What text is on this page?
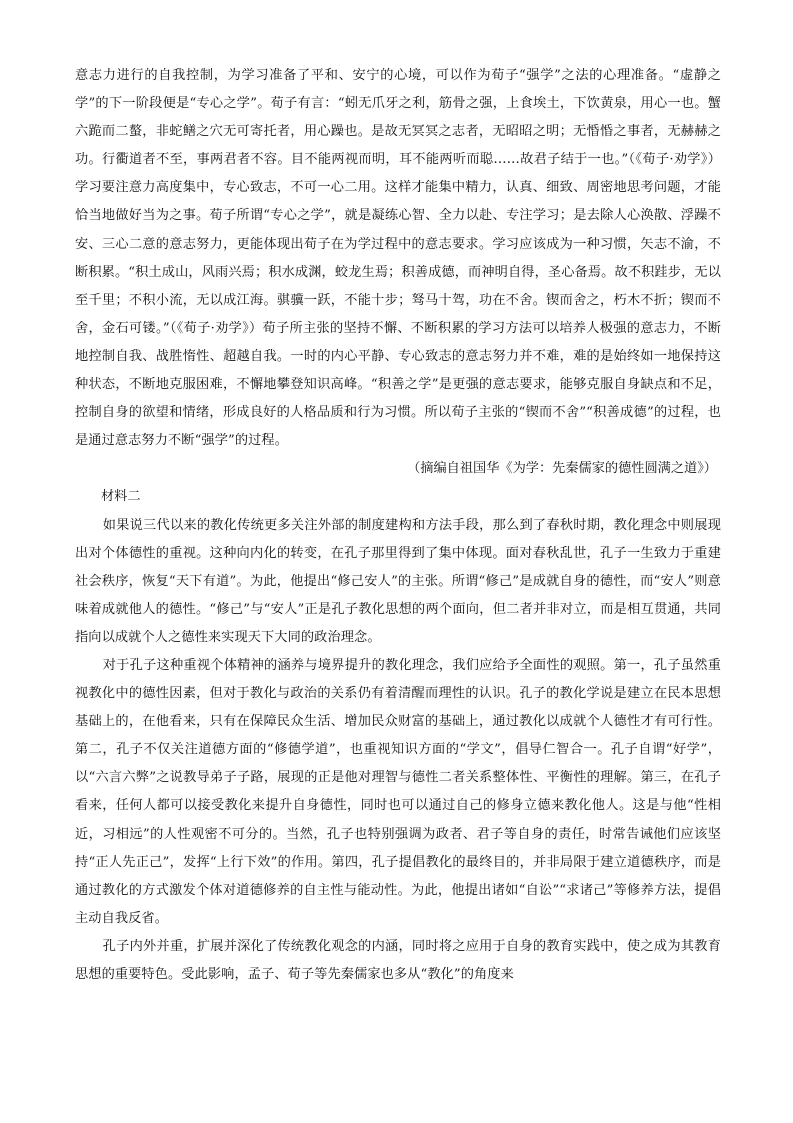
意志力进行的自我控制，为学习准备了平和、安宁的心境，可以作为荀子“强学”之法的心理准备。“虚静之学”的下一阶段便是“专心之学”。荀子有言：“蚓无爪牙之利，筋骨之强，上食埃土，下饮黄泉，用心一也。蟹六跪而二螯，非蛇鳝之穴无可寄托者，用心躁也。是故无冥冥之志者，无昭昭之明；无惛惛之事者，无赫赫之功。行衢道者不至，事两君者不容。目不能两视而明，耳不能两听而聪……故君子结于一也。”（《荀子·劝学》）学习要注意力高度集中，专心致志，不可一心二用。这样才能集中精力，认真、细致、周密地思考问题，才能恰当地做好当为之事。荀子所谓“专心之学”，就是凝练心智、全力以赴、专注学习；是去除人心涣散、浮躁不安、三心二意的意志努力，更能体现出荀子在为学过程中的意志要求。学习应该成为一种习惯，矢志不渝，不断积累。“积土成山，风雨兴焉；积水成渊，蛟龙生焉；积善成德，而神明自得，圣心备焉。故不积跬步，无以至千里；不积小流，无以成江海。骐骥一跃，不能十步；驽马十驾，功在不舍。锲而舍之，朽木不折；锲而不舍，金石可镂。”（《荀子·劝学》）荀子所主张的坚持不懈、不断积累的学习方法可以培养人极强的意志力，不断地控制自我、战胜惰性、超越自我。一时的内心平静、专心致志的意志努力并不难，难的是始终如一地保持这种状态，不断地克服困难，不懈地攀登知识高峰。“积善之学”是更强的意志要求，能够克服自身缺点和不足，控制自身的欲望和情绪，形成良好的人格品质和行为习惯。所以荀子主张的“锲而不舍”“积善成德”的过程，也是通过意志努力不断“强学”的过程。

（摘编自祖国华《为学：先秦儒家的德性圆满之道》）

材料二

如果说三代以来的教化传统更多关注外部的制度建构和方法手段，那么到了春秋时期，教化理念中则展现出对个体德性的重视。这种向内化的转变，在孔子那里得到了集中体现。面对春秋乱世，孔子一生致力于重建社会秩序，恢复“天下有道”。为此，他提出“修己安人”的主张。所谓“修己”是成就自身的德性，而“安人”则意味着成就他人的德性。“修己”与“安人”正是孔子教化思想的两个面向，但二者并非对立，而是相互贯通，共同指向以成就个人之德性来实现天下大同的政治理念。

对于孔子这种重视个体精神的涵养与境界提升的教化理念，我们应给予全面性的观照。第一，孔子虽然重视教化中的德性因素，但对于教化与政治的关系仍有着清醒而理性的认识。孔子的教化学说是建立在民本思想基础上的，在他看来，只有在保障民众生活、增加民众财富的基础上，通过教化以成就个人德性才有可行性。第二，孔子不仅关注道德方面的“修德学道”，也重视知识方面的“学文”，倡导仁智合一。孔子自谓“好学”，以“六言六弊”之说教导弟子子路，展现的正是他对理智与德性二者关系整体性、平衡性的理解。第三，在孔子看来，任何人都可以接受教化来提升自身德性，同时也可以通过自己的修身立德来教化他人。这是与他“性相近，习相远”的人性观密不可分的。当然，孔子也特别强调为政者、君子等自身的责任，时常告诫他们应该坚持“正人先正己”，发挥“上行下效”的作用。第四，孔子提倡教化的最终目的，并非局限于建立道德秩序，而是通过教化的方式激发个体对道德修养的自主性与能动性。为此，他提出诸如“自讼”“求诸己”等修养方法，提倡主动自我反省。

孔子内外并重，扩展并深化了传统教化观念的内涵，同时将之应用于自身的教育实践中，使之成为其教育思想的重要特色。受此影响，孟子、荀子等先秦儒家也多从“教化”的角度来
